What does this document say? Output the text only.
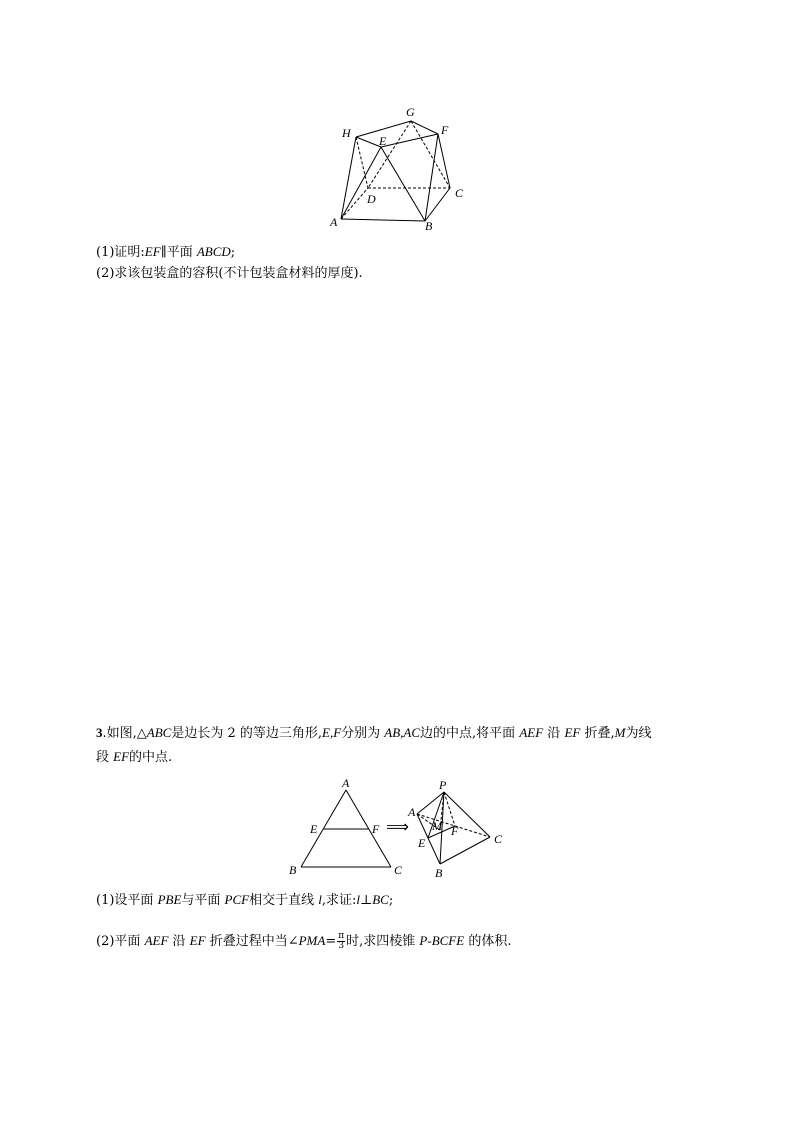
G
H	F
E
C
D
A	B
(1)证明:EF∥平面 ABCD;
(2)求该包装盒的容积(不计包装盒材料的厚度).
3.如图,△ABC是边长为 2 的等边三角形,E,F分别为 AB,AC边的中点,将平面 AEF 沿 EF 折叠,M为线
段 EF的中点.
A
E	F
B	C
⟹
P
A
M F
E	C
B
(1)设平面 PBE与平面 PCF相交于直线 l,求证:l⊥BC;
(2)平面 AEF 沿 EF 折叠过程中当∠PMA= $\frac{\pi}{3}$ 时,求四棱锥 P-BCFE 的体积.
